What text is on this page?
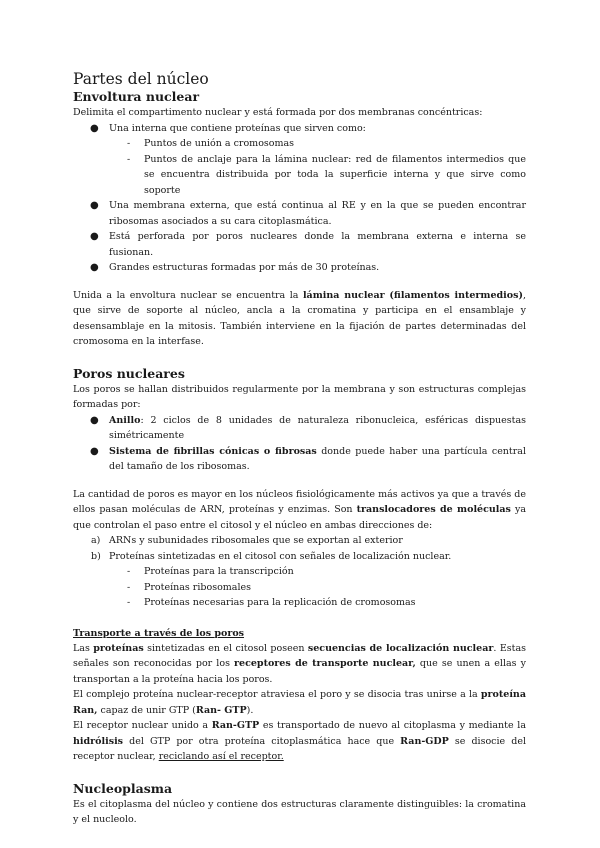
Partes del núcleo
Envoltura nuclear

Delimita el compartimento nuclear y está formada por dos membranas concéntricas:

● Una interna que contiene proteínas que sirven como:
- Puntos de unión a cromosomas
- Puntos de anclaje para la lámina nuclear: red de filamentos intermedios que se encuentra distribuida por toda la superficie interna y que sirve como soporte
● Una membrana externa, que está continua al RE y en la que se pueden encontrar ribosomas asociados a su cara citoplasmática.
● Está perforada por poros nucleares donde la membrana externa e interna se fusionan.
● Grandes estructuras formadas por más de 30 proteínas.

Unida a la envoltura nuclear se encuentra la lámina nuclear (filamentos intermedios), que sirve de soporte al núcleo, ancla a la cromatina y participa en el ensamblaje y desensamblaje en la mitosis. También interviene en la fijación de partes determinadas del cromosoma en la interfase.

Poros nucleares

Los poros se hallan distribuidos regularmente por la membrana y son estructuras complejas formadas por:

● Anillo: 2 ciclos de 8 unidades de naturaleza ribonucleica, esféricas dispuestas simétricamente
● Sistema de fibrillas cónicas o fibrosas donde puede haber una partícula central del tamaño de los ribosomas.

La cantidad de poros es mayor en los núcleos fisiológicamente más activos ya que a través de ellos pasan moléculas de ARN, proteínas y enzimas. Son translocadores de moléculas ya que controlan el paso entre el citosol y el núcleo en ambas direcciones de:

a) ARNs y subunidades ribosomales que se exportan al exterior
b) Proteínas sintetizadas en el citosol con señales de localización nuclear.
- Proteínas para la transcripción
- Proteínas ribosomales
- Proteínas necesarias para la replicación de cromosomas
Transporte a través de los poros

Las proteínas sintetizadas en el citosol poseen secuencias de localización nuclear. Estas señales son reconocidas por los receptores de transporte nuclear, que se unen a ellas y transportan a la proteína hacia los poros.

El complejo proteína nuclear-receptor atraviesa el poro y se disocia tras unirse a la proteína Ran, capaz de unir GTP (Ran- GTP).

El receptor nuclear unido a Ran-GTP es transportado de nuevo al citoplasma y mediante la hidrólisis del GTP por otra proteína citoplasmática hace que Ran-GDP se disocie del receptor nuclear, reciclando así el receptor.

Nucleoplasma

Es el citoplasma del núcleo y contiene dos estructuras claramente distinguibles: la cromatina y el nucleolo.
